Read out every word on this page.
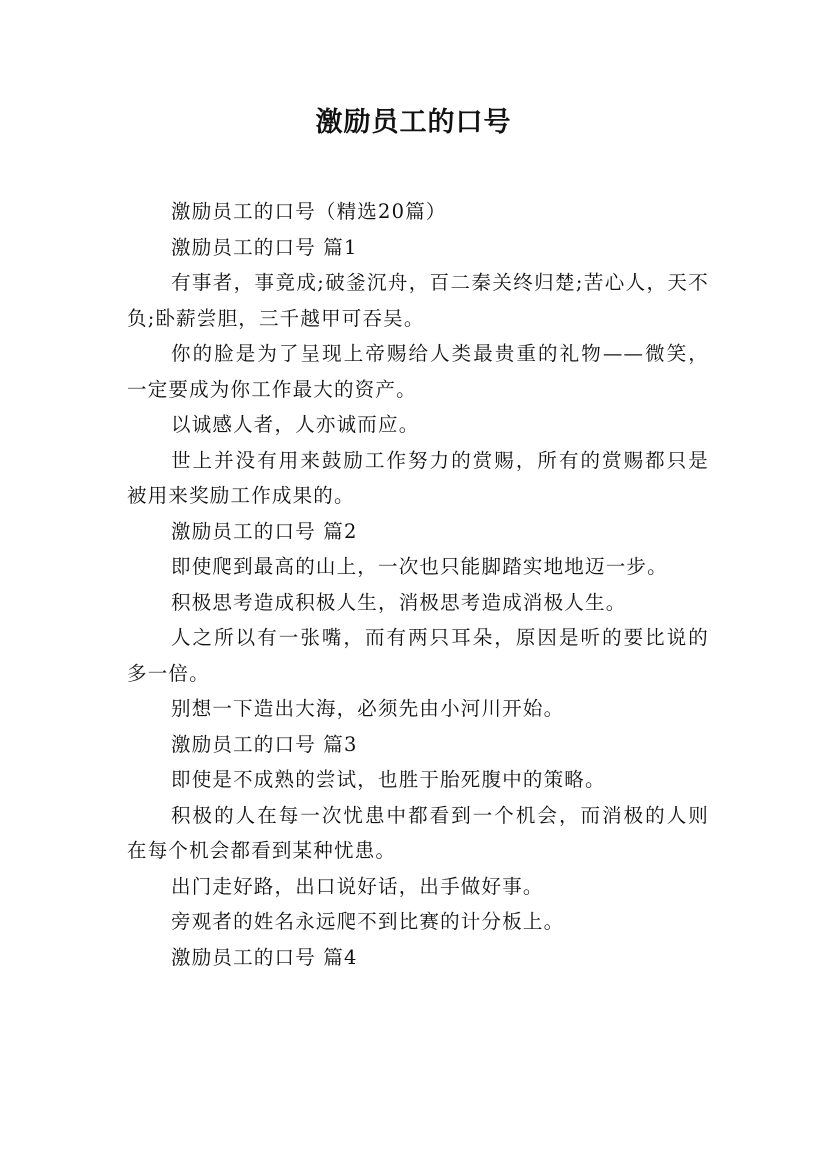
激励员工的口号

激励员工的口号（精选20篇）

激励员工的口号 篇1

有事者，事竟成;破釜沉舟，百二秦关终归楚;苦心人，天不负;卧薪尝胆，三千越甲可吞吴。

你的脸是为了呈现上帝赐给人类最贵重的礼物——微笑，一定要成为你工作最大的资产。

以诚感人者，人亦诚而应。

世上并没有用来鼓励工作努力的赏赐，所有的赏赐都只是被用来奖励工作成果的。

激励员工的口号 篇2

即使爬到最高的山上，一次也只能脚踏实地地迈一步。

积极思考造成积极人生，消极思考造成消极人生。

人之所以有一张嘴，而有两只耳朵，原因是听的要比说的多一倍。

别想一下造出大海，必须先由小河川开始。

激励员工的口号 篇3

即使是不成熟的尝试，也胜于胎死腹中的策略。

积极的人在每一次忧患中都看到一个机会，而消极的人则在每个机会都看到某种忧患。

出门走好路，出口说好话，出手做好事。

旁观者的姓名永远爬不到比赛的计分板上。

激励员工的口号 篇4
